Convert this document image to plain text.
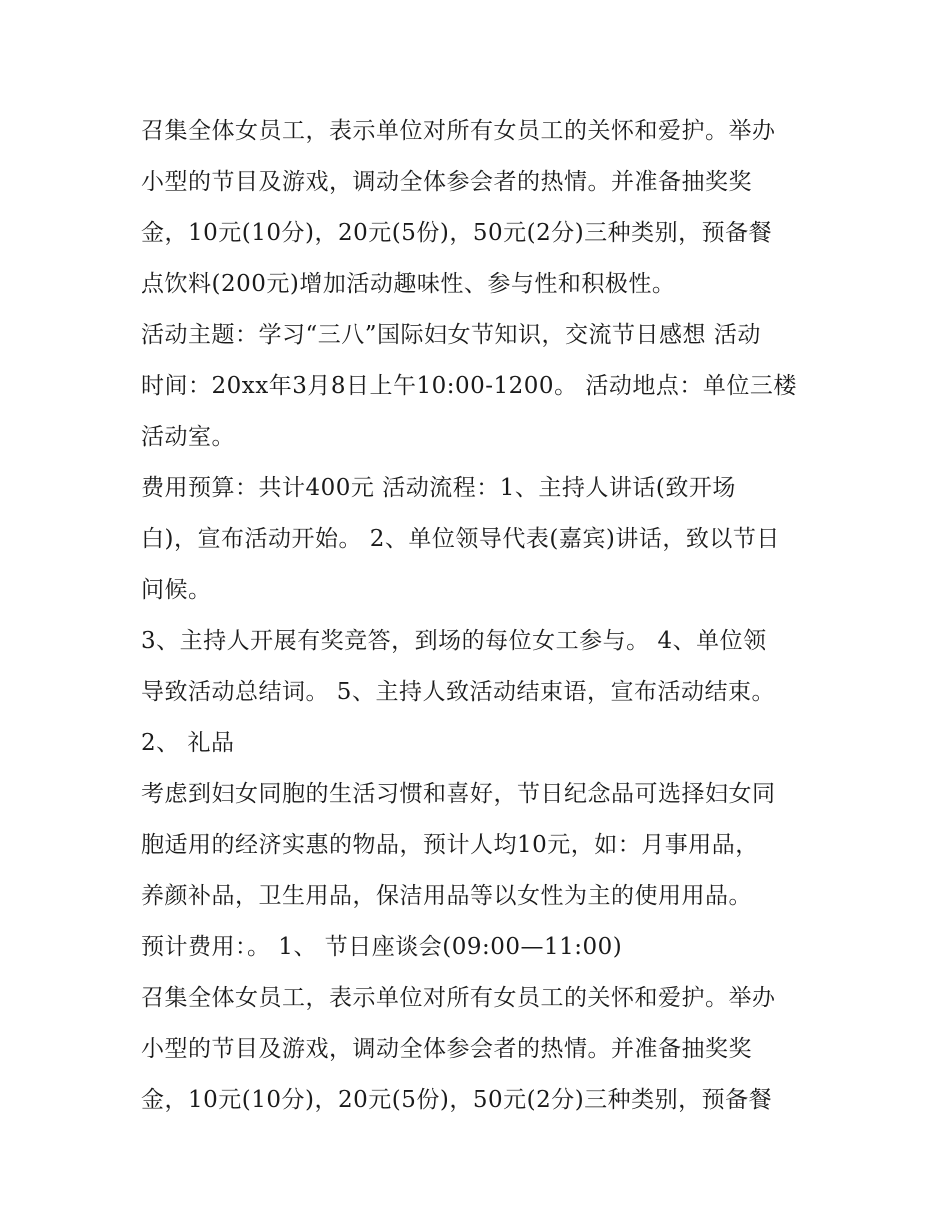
召集全体女员工，表示单位对所有女员工的关怀和爱护。举办
小型的节目及游戏，调动全体参会者的热情。并准备抽奖奖
金，10元(10分)，20元(5份)，50元(2分)三种类别，预备餐
点饮料(200元)增加活动趣味性、参与性和积极性。
活动主题：学习“三八”国际妇女节知识，交流节日感想 活动
时间：20xx年3月8日上午10:00-1200。 活动地点：单位三楼
活动室。
费用预算：共计400元 活动流程：1、主持人讲话(致开场
白)，宣布活动开始。 2、单位领导代表(嘉宾)讲话，致以节日
问候。
3、主持人开展有奖竞答，到场的每位女工参与。 4、单位领
导致活动总结词。 5、主持人致活动结束语，宣布活动结束。
2、 礼品
考虑到妇女同胞的生活习惯和喜好，节日纪念品可选择妇女同
胞适用的经济实惠的物品，预计人均10元，如：月事用品，
养颜补品，卫生用品，保洁用品等以女性为主的使用用品。
预计费用：。 1、 节日座谈会(09:00—11:00)
召集全体女员工，表示单位对所有女员工的关怀和爱护。举办
小型的节目及游戏，调动全体参会者的热情。并准备抽奖奖
金，10元(10分)，20元(5份)，50元(2分)三种类别，预备餐
